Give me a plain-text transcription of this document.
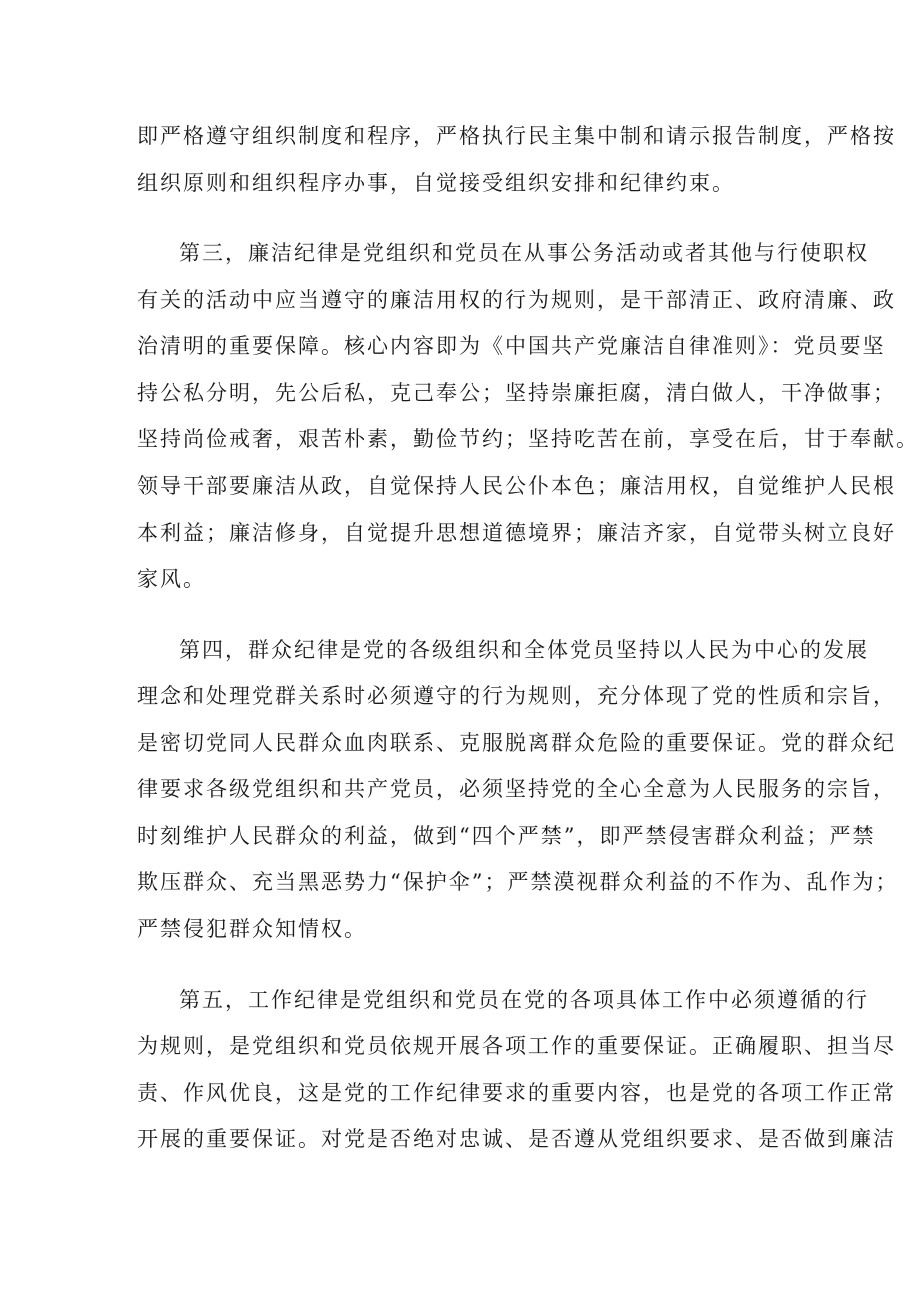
即严格遵守组织制度和程序，严格执行民主集中制和请示报告制度，严格按
组织原则和组织程序办事，自觉接受组织安排和纪律约束。
第三，廉洁纪律是党组织和党员在从事公务活动或者其他与行使职权
有关的活动中应当遵守的廉洁用权的行为规则，是干部清正、政府清廉、政
治清明的重要保障。核心内容即为《中国共产党廉洁自律准则》：党员要坚
持公私分明，先公后私，克己奉公；坚持崇廉拒腐，清白做人，干净做事；
坚持尚俭戒奢，艰苦朴素，勤俭节约；坚持吃苦在前，享受在后，甘于奉献。
领导干部要廉洁从政，自觉保持人民公仆本色；廉洁用权，自觉维护人民根
本利益；廉洁修身，自觉提升思想道德境界；廉洁齐家，自觉带头树立良好
家风。
第四，群众纪律是党的各级组织和全体党员坚持以人民为中心的发展
理念和处理党群关系时必须遵守的行为规则，充分体现了党的性质和宗旨，
是密切党同人民群众血肉联系、克服脱离群众危险的重要保证。党的群众纪
律要求各级党组织和共产党员，必须坚持党的全心全意为人民服务的宗旨，
时刻维护人民群众的利益，做到“四个严禁”，即严禁侵害群众利益；严禁
欺压群众、充当黑恶势力“保护伞”；严禁漠视群众利益的不作为、乱作为；
严禁侵犯群众知情权。
第五，工作纪律是党组织和党员在党的各项具体工作中必须遵循的行
为规则，是党组织和党员依规开展各项工作的重要保证。正确履职、担当尽
责、作风优良，这是党的工作纪律要求的重要内容，也是党的各项工作正常
开展的重要保证。对党是否绝对忠诚、是否遵从党组织要求、是否做到廉洁
